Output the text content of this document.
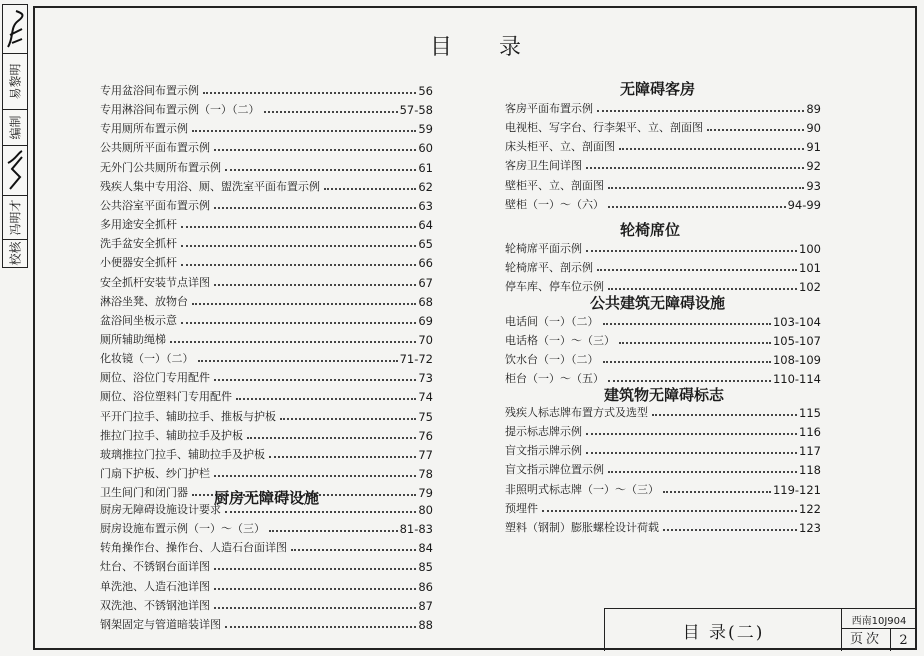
易黎明
编制
冯明才
校核
目　　录
专用盆浴间布置示例	56
专用淋浴间布置示例（一）（二）	57-58
专用厕所布置示例	59
公共厕所平面布置示例	60
无外门公共厕所布置示例	61
残疾人集中专用浴、厕、盥洗室平面布置示例	62
公共浴室平面布置示例	63
多用途安全抓杆	64
洗手盆安全抓杆	65
小便器安全抓杆	66
安全抓杆安装节点详图	67
淋浴坐凳、放物台	68
盆浴间坐板示意	69
厕所辅助绳梯	70
化妆镜（一）（二）	71-72
厕位、浴位门专用配件	73
厕位、浴位塑料门专用配件	74
平开门拉手、辅助拉手、推板与护板	75
推拉门拉手、辅助拉手及护板	76
玻璃推拉门拉手、辅助拉手及护板	77
门扇下护板、纱门护栏	78
卫生间门和闭门器	79
厨房无障碍设施
厨房无障碍设施设计要求	80
厨房设施布置示例（一）～（三）	81-83
转角操作台、操作台、人造石台面详图	84
灶台、不锈钢台面详图	85
单洗池、人造石池详图	86
双洗池、不锈钢池详图	87
钢架固定与管道暗装详图	88
无障碍客房
客房平面布置示例	89
电视柜、写字台、行李架平、立、剖面图	90
床头柜平、立、剖面图	91
客房卫生间详图	92
壁柜平、立、剖面图	93
壁柜（一）～（六）	94-99
轮椅席位
轮椅席平面示例	100
轮椅席平、剖示例	101
停车库、停车位示例	102
公共建筑无障碍设施
电话间（一）（二）	103-104
电话格（一）～（三）	105-107
饮水台（一）（二）	108-109
柜台（一）～（五）	110-114
建筑物无障碍标志
残疾人标志牌布置方式及选型	115
提示标志牌示例	116
盲文指示牌示例	117
盲文指示牌位置示例	118
非照明式标志牌（一）～（三）	119-121
预埋件	122
塑料（钢制）膨胀螺栓设计荷载	123
目 录(二)
西南10J904
页次	2
